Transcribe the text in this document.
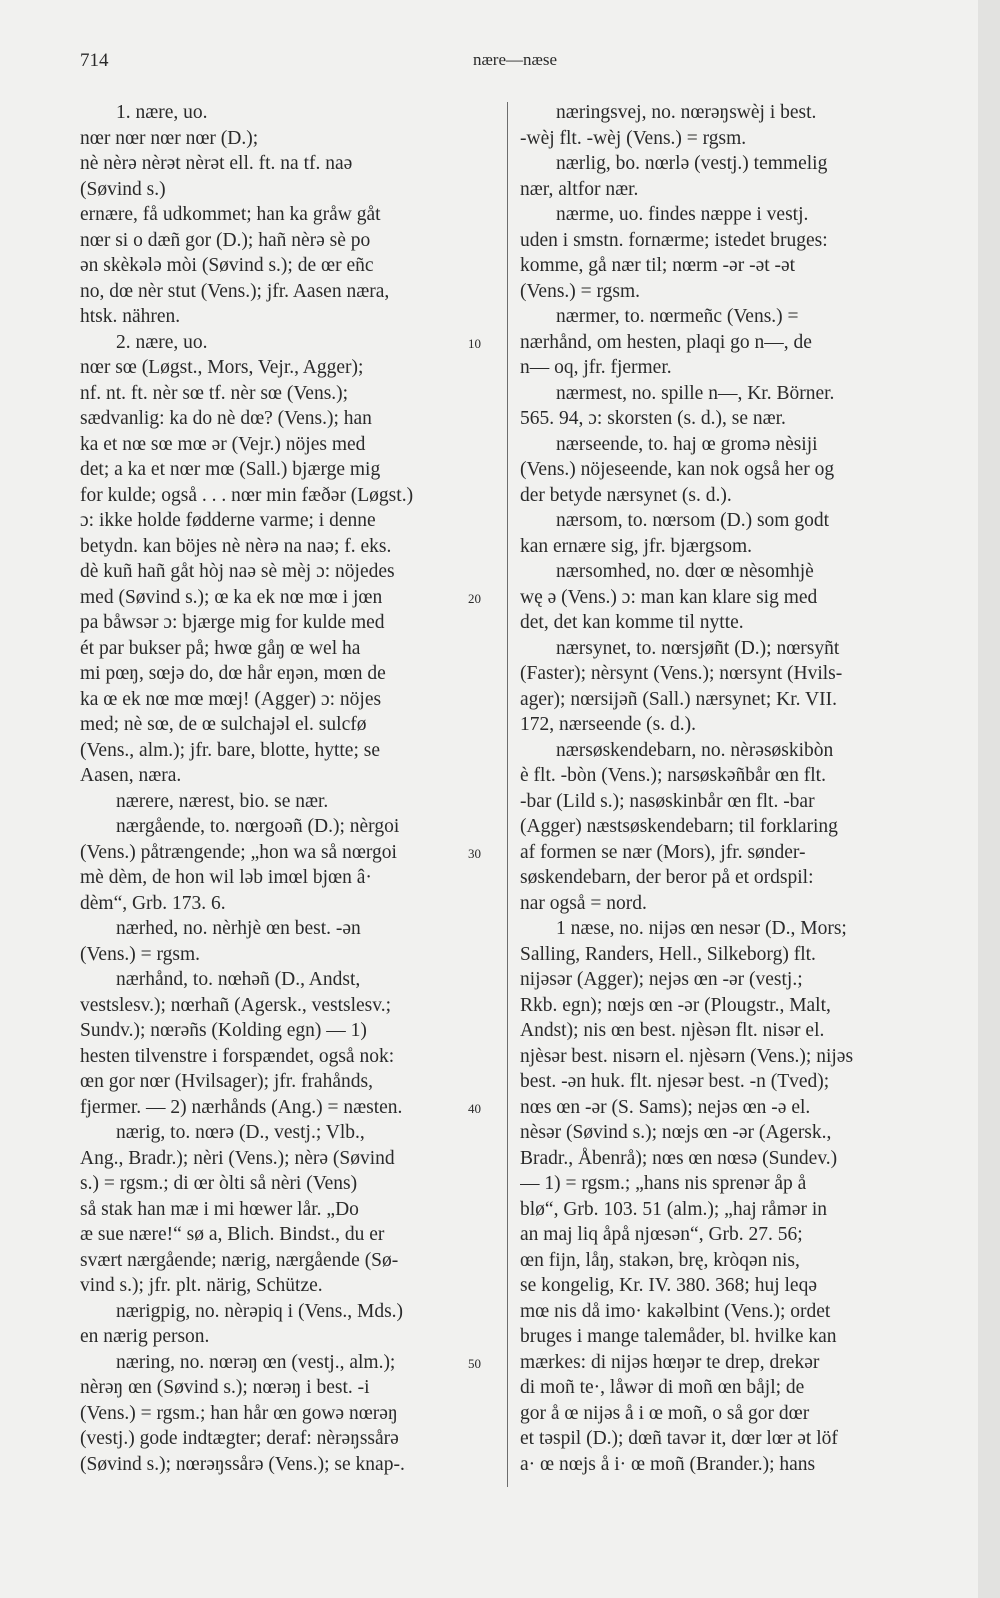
714	nære—næse
1. nære, uo.
nœr nœr nœr nœr (D.);
nè nèrə nèrət nèrət ell. ft. na tf. naə
(Søvind s.)
ernære, få udkommet; han ka gråw gåt
nœr si o dæñ gor (D.); hañ nèrə sè po
ən skèkələ mòi (Søvind s.); de œr eñc
no, dœ nèr stut (Vens.); jfr. Aasen næra,
htsk. nähren.
2. nære, uo.
nœr sœ (Løgst., Mors, Vejr., Agger);
nf. nt. ft. nèr sœ tf. nèr sœ (Vens.);
sædvanlig: ka do nè dœ? (Vens.); han
ka et nœ sœ mœ ər (Vejr.) nöjes med
det; a ka et nœr mœ (Sall.) bjærge mig
for kulde; også . . . nœr min fæðər (Løgst.)
ɔ: ikke holde fødderne varme; i denne
betydn. kan böjes nè nèrə na naə; f. eks.
dè kuñ hañ gåt hòj naə sè mèj ɔ: nöjedes
med (Søvind s.); œ ka ek nœ mœ i jœn
pa båwsər ɔ: bjærge mig for kulde med
ét par bukser på; hwœ gåŋ œ wel ha
mi pœŋ, sœjə do, dœ hår eŋən, mœn de
ka œ ek nœ mœ mœj! (Agger) ɔ: nöjes
med; nè sœ, de œ sulchajəl el. sulcfø
(Vens., alm.); jfr. bare, blotte, hytte; se
Aasen, næra.
nærere, nærest, bio. se nær.
nærgående, to. nœrgoəñ (D.); nèrgoi
(Vens.) påtrængende; „hon wa så nœrgoi
mè dèm, de hon wil ləb imœl bjœn â·
dèm“, Grb. 173. 6.
nærhed, no. nèrhjè œn best. -ən
(Vens.) = rgsm.
nærhånd, to. nœhəñ (D., Andst,
vestslesv.); nœrhañ (Agersk., vestslesv.;
Sundv.); nœrəñs (Kolding egn) — 1)
hesten tilvenstre i forspændet, også nok:
œn gor nœr (Hvilsager); jfr. frahånds,
fjermer. — 2) nærhånds (Ang.) = næsten.
nærig, to. nœrə (D., vestj.; Vlb.,
Ang., Bradr.); nèri (Vens.); nèrə (Søvind
s.) = rgsm.; di œr òlti så nèri (Vens)
så stak han mæ i mi hœwer lår. „Do
æ sue nære!“ sø a, Blich. Bindst., du er
svært nærgående; nærig, nærgående (Sø-
vind s.); jfr. plt. närig, Schütze.
nærigpig, no. nèrəpiq i (Vens., Mds.)
en nærig person.
næring, no. nœrəŋ œn (vestj., alm.);
nèrəŋ œn (Søvind s.); nœrəŋ i best. -i
(Vens.) = rgsm.; han hår œn gowə nœrəŋ
(vestj.) gode indtægter; deraf: nèrəŋssårə
(Søvind s.); nœrəŋssårə (Vens.); se knap-.
næringsvej, no. nœrəŋswèj i best.
-wèj flt. -wèj (Vens.) = rgsm.
nærlig, bo. nœrlə (vestj.) temmelig
nær, altfor nær.
nærme, uo. findes næppe i vestj.
uden i smstn. fornærme; istedet bruges:
komme, gå nær til; nœrm -ər -ət -ət
(Vens.) = rgsm.
nærmer, to. nœrmeñc (Vens.) =
nærhånd, om hesten, plaqi go n—, de
n— oq, jfr. fjermer.
nærmest, no. spille n—, Kr. Börner.
565. 94, ɔ: skorsten (s. d.), se nær.
nærseende, to. haj œ gromə nèsiji
(Vens.) nöjeseende, kan nok også her og
der betyde nærsynet (s. d.).
nærsom, to. nœrsom (D.) som godt
kan ernære sig, jfr. bjærgsom.
nærsomhed, no. dœr œ nèsomhjè
wę ə (Vens.) ɔ: man kan klare sig med
det, det kan komme til nytte.
nærsynet, to. nœrsjøñt (D.); nœrsyñt
(Faster); nèrsynt (Vens.); nœrsynt (Hvils-
ager); nœrsijəñ (Sall.) nærsynet; Kr. VII.
172, nærseende (s. d.).
nærsøskendebarn, no. nèrəsøskibòn
è flt. -bòn (Vens.); narsøskəñbår œn flt.
-bar (Lild s.); nasøskinbår œn flt. -bar
(Agger) næstsøskendebarn; til forklaring
af formen se nær (Mors), jfr. sønder-
søskendebarn, der beror på et ordspil:
nar også = nord.
1 næse, no. nijəs œn nesər (D., Mors;
Salling, Randers, Hell., Silkeborg) flt.
nijəsər (Agger); nejəs œn -ər (vestj.;
Rkb. egn); nœjs œn -ər (Plougstr., Malt,
Andst); nis œn best. njèsən flt. nisər el.
njèsər best. nisərn el. njèsərn (Vens.); nijəs
best. -ən huk. flt. njesər best. -n (Tved);
nœs œn -ər (S. Sams); nejəs œn -ə el.
nèsər (Søvind s.); nœjs œn -ər (Agersk.,
Bradr., Åbenrå); nœs œn nœsə (Sundev.)
— 1) = rgsm.; „hans nis sprenər åp å
blø“, Grb. 103. 51 (alm.); „haj råmər in
an maj liq åpå njœsən“, Grb. 27. 56;
œn fijn, låŋ, stakən, brę, kròqən nis,
se kongelig, Kr. IV. 380. 368; huj leqə
mœ nis då imo· kakəlbint (Vens.); ordet
bruges i mange talemåder, bl. hvilke kan
mærkes: di nijəs hœŋər te drep, drekər
di moñ te·, låwər di moñ œn båjl; de
gor å œ nijəs å i œ moñ, o så gor dœr
et təspil (D.); dœñ tavər it, dœr lœr ət löf
a· œ nœjs å i· œ moñ (Brander.); hans
10
20
30
40
50
